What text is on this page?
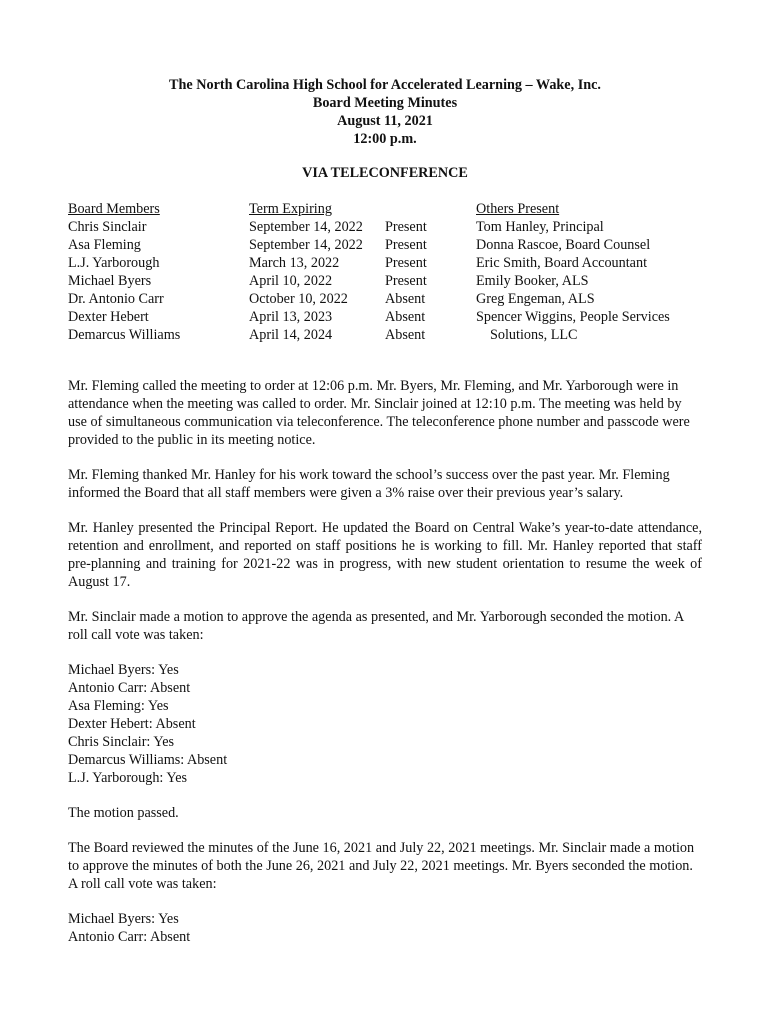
The North Carolina High School for Accelerated Learning – Wake, Inc.
Board Meeting Minutes
August 11, 2021
12:00 p.m.
VIA TELECONFERENCE
Board Members
Chris Sinclair
Asa Fleming
L.J. Yarborough
Michael Byers
Dr. Antonio Carr
Dexter Hebert
Demarcus Williams
Term Expiring
September 14, 2022
September 14, 2022
March 13, 2022
April 10, 2022
October 10, 2022
April 13, 2023
April 14, 2024

Present
Present
Present
Present
Absent
Absent
Absent
Others Present
Tom Hanley, Principal
Donna Rascoe, Board Counsel
Eric Smith, Board Accountant
Emily Booker, ALS
Greg Engeman, ALS
Spencer Wiggins, People Services
Solutions, LLC

Mr. Fleming called the meeting to order at 12:06 p.m. Mr. Byers, Mr. Fleming, and Mr. Yarborough were in attendance when the meeting was called to order. Mr. Sinclair joined at 12:10 p.m. The meeting was held by use of simultaneous communication via teleconference. The teleconference phone number and passcode were provided to the public in its meeting notice.

Mr. Fleming thanked Mr. Hanley for his work toward the school’s success over the past year. Mr. Fleming informed the Board that all staff members were given a 3% raise over their previous year’s salary.

Mr. Hanley presented the Principal Report. He updated the Board on Central Wake’s year-to-date attendance, retention and enrollment, and reported on staff positions he is working to fill. Mr. Hanley reported that staff pre-planning and training for 2021-22 was in progress, with new student orientation to resume the week of August 17.

Mr. Sinclair made a motion to approve the agenda as presented, and Mr. Yarborough seconded the motion. A roll call vote was taken:

Michael Byers: Yes
Antonio Carr: Absent
Asa Fleming: Yes
Dexter Hebert: Absent
Chris Sinclair: Yes
Demarcus Williams: Absent
L.J. Yarborough: Yes

The motion passed.

The Board reviewed the minutes of the June 16, 2021 and July 22, 2021 meetings. Mr. Sinclair made a motion to approve the minutes of both the June 26, 2021 and July 22, 2021 meetings. Mr. Byers seconded the motion. A roll call vote was taken:

Michael Byers: Yes
Antonio Carr: Absent
